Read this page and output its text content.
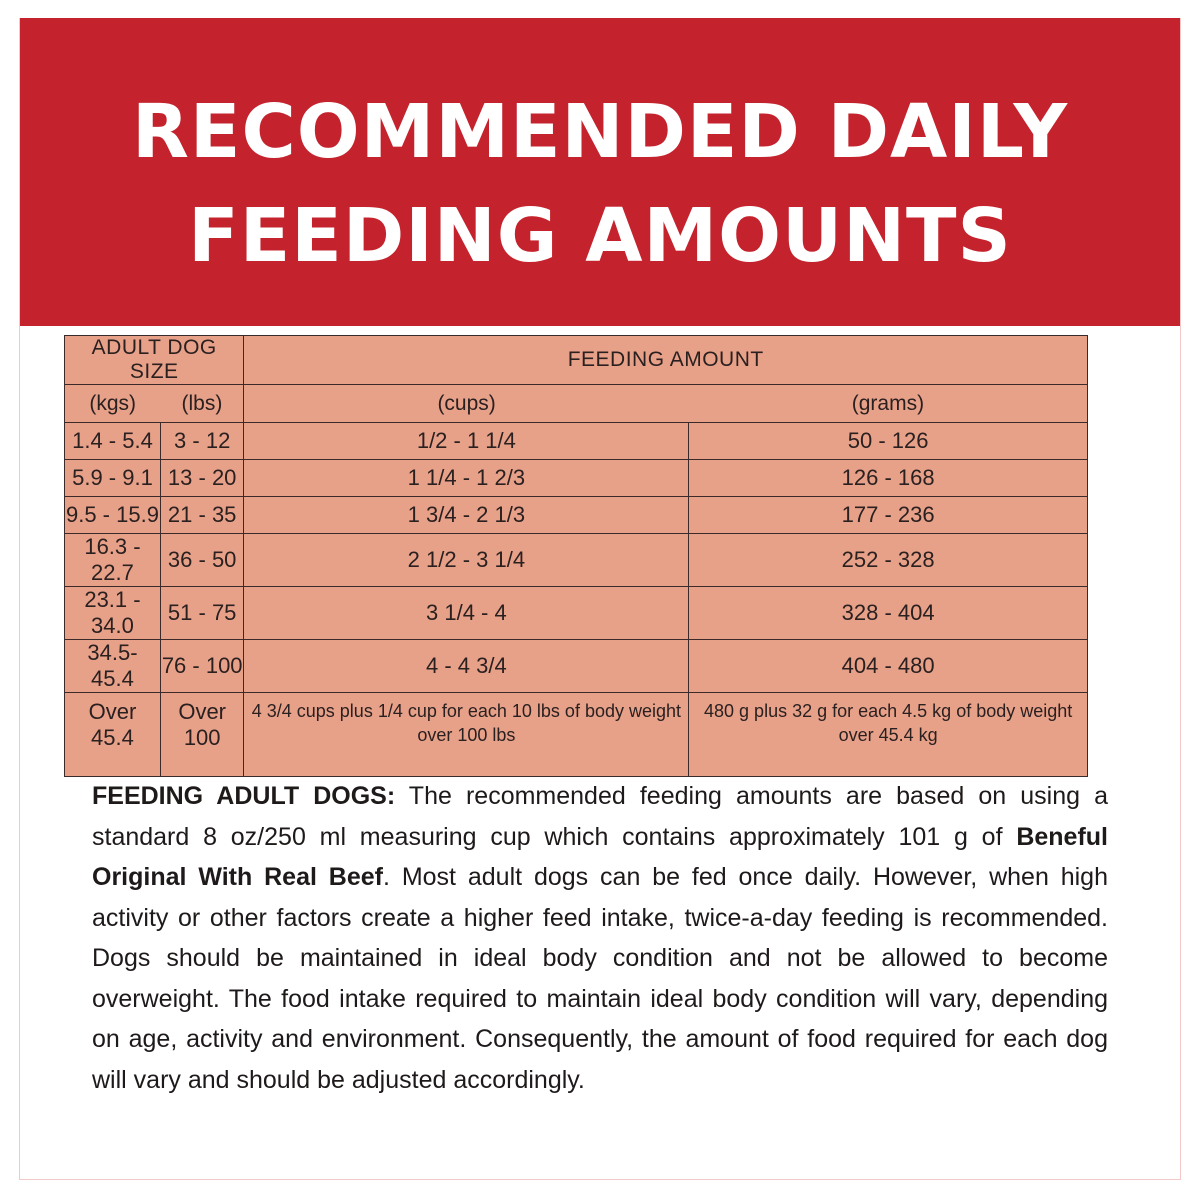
RECOMMENDED DAILY
FEEDING AMOUNTS
ADULT DOG SIZE		FEEDING AMOUNT	
(kgs)	(lbs)	(cups)	(grams)
1.4 - 5.4	3 - 12	1/2 - 1 1/4	50 - 126
5.9 - 9.1	13 - 20	1 1/4 - 1 2/3	126 - 168
9.5 - 15.9	21 - 35	1 3/4 - 2 1/3	177 - 236
16.3 - 22.7	36 - 50	2 1/2 - 3 1/4	252 - 328
23.1 - 34.0	51 - 75	3 1/4 - 4	328 - 404
34.5- 45.4	76 - 100	4 - 4 3/4	404 - 480
Over 45.4	Over 100	4 3/4 cups plus 1/4 cup for each 10 lbs of body weight over 100 lbs	480 g plus 32 g for each 4.5 kg of body weight over 45.4 kg
FEEDING ADULT DOGS: The recommended feeding amounts are based on using a standard 8 oz/250 ml measuring cup which contains approximately 101 g of Beneful Original With Real Beef. Most adult dogs can be fed once daily. However, when high activity or other factors create a higher feed intake, twice-a-day feeding is recommended. Dogs should be maintained in ideal body condition and not be allowed to become overweight. The food intake required to maintain ideal body condition will vary, depending on age, activity and environment. Consequently, the amount of food required for each dog will vary and should be adjusted accordingly.
